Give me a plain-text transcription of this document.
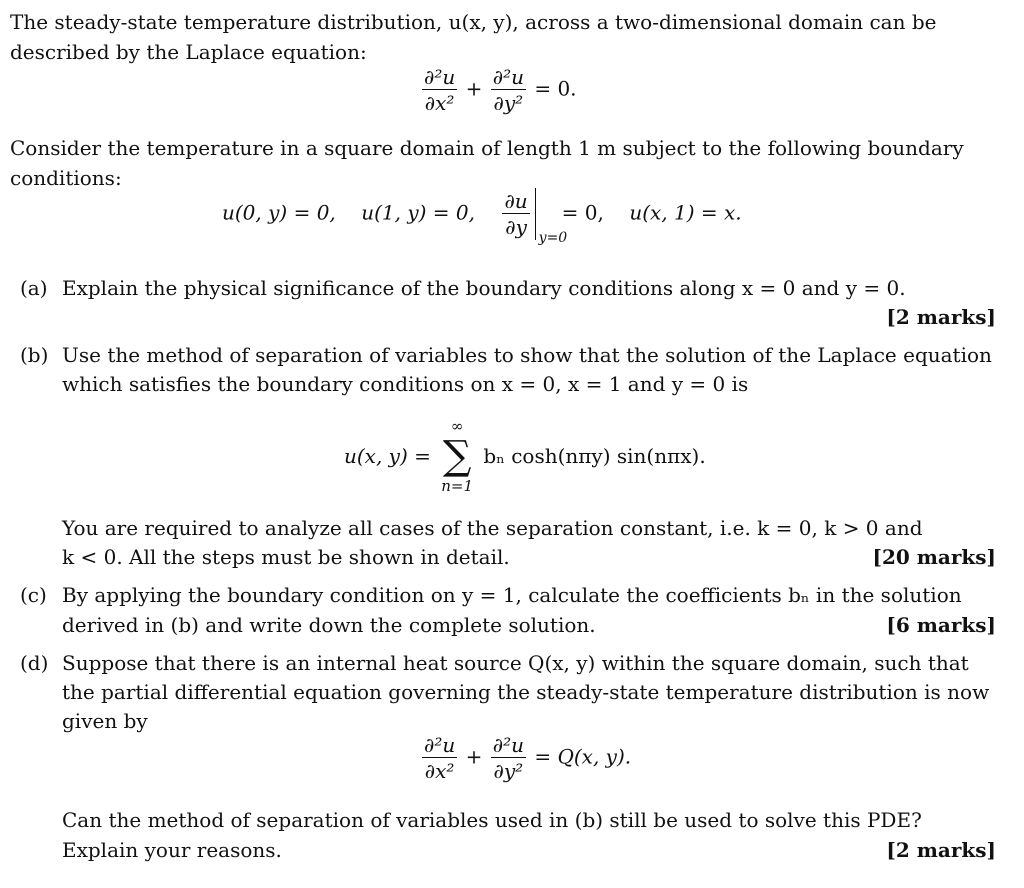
The steady-state temperature distribution, u(x, y), across a two-dimensional domain can be
described by the Laplace equation:
$\frac{\text{∂²u}}{\text{∂x²}} + \frac{\text{∂²u}}{\text{∂y²}} = 0$.
Consider the temperature in a square domain of length 1 m subject to the following boundary
conditions:
u(0, y) = 0, u(1, y) = 0, $\frac{\partial u}{\partial y} y=0$
= 0, u(x, 1) = x.
(a) Explain the physical significance of the boundary conditions along x = 0 and y = 0.
[2 marks]
(b) Use the method of separation of variables to show that the solution of the Laplace equation
which satisfies the boundary conditions on x = 0, x = 1 and y = 0 is
u(x, y) =
∞
∑
n=1
bₙ cosh(nπy) sin(nπx).
You are required to analyze all cases of the separation constant, i.e. k = 0, k > 0 and
k < 0. All the steps must be shown in detail.	[20 marks]
(c) By applying the boundary condition on y = 1, calculate the coefficients bₙ in the solution
derived in (b) and write down the complete solution.	[6 marks]
(d) Suppose that there is an internal heat source Q(x, y) within the square domain, such that
the partial differential equation governing the steady-state temperature distribution is now
given by
$\frac{\text{∂²u}}{\text{∂x²}} + \frac{\text{∂²u}}{\text{∂y²}} = Q(x$, y).
Can the method of separation of variables used in (b) still be used to solve this PDE?
Explain your reasons.	[2 marks]
